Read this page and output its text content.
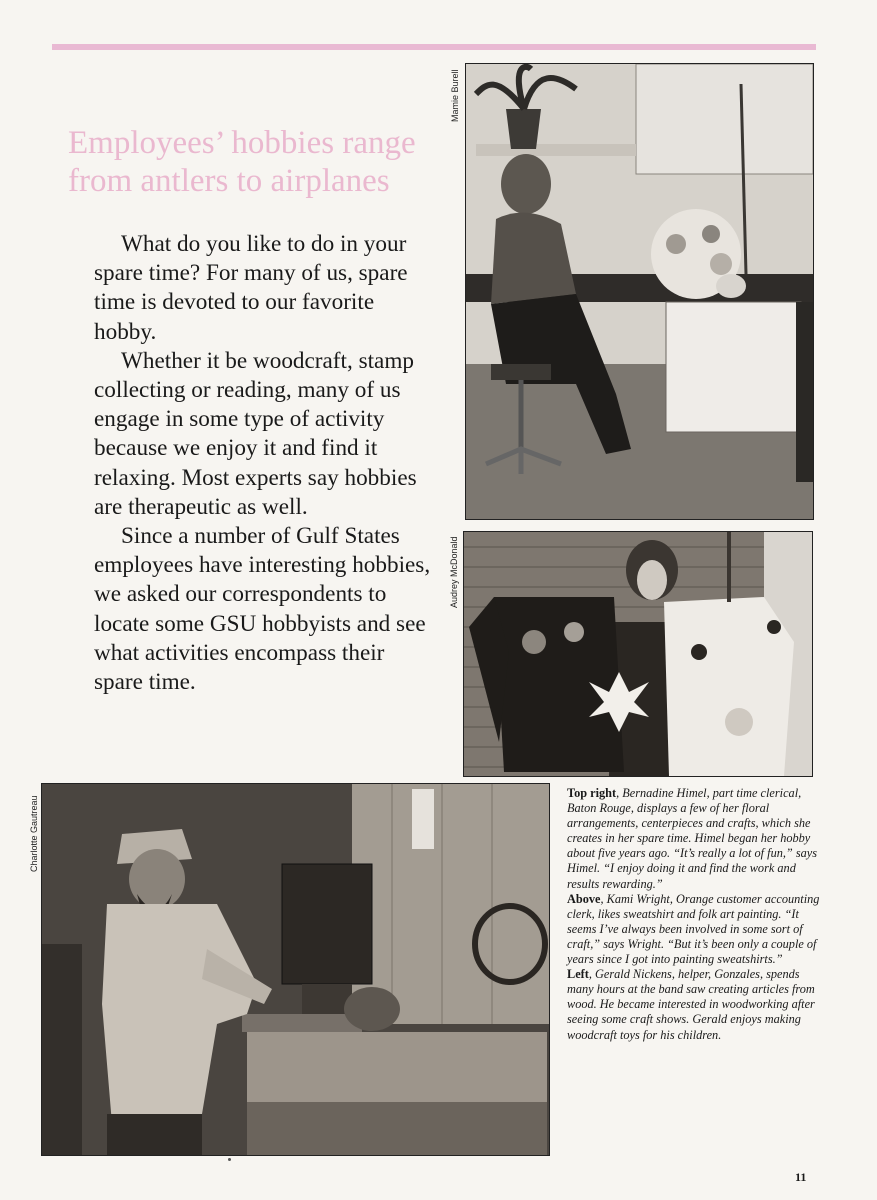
Employees’ hobbies range
from antlers to airplanes

What do you like to do in your spare time? For many of us, spare time is devoted to our favorite hobby.

Whether it be woodcraft, stamp collecting or reading, many of us engage in some type of activity because we enjoy it and find it relaxing. Most experts say hobbies are therapeutic as well.

Since a number of Gulf States employees have interesting hobbies, we asked our correspondents to locate some GSU hobbyists and see what activities encompass their spare time.

Mamie Burell
Audrey McDonald
Charlotte Gautreau

Top right, Bernadine Himel, part time clerical, Baton Rouge, displays a few of her floral arrangements, centerpieces and crafts, which she creates in her spare time. Himel began her hobby about five years ago. “It’s really a lot of fun,” says Himel. “I enjoy doing it and find the work and results rewarding.”

Above, Kami Wright, Orange customer accounting clerk, likes sweatshirt and folk art painting. “It seems I’ve always been involved in some sort of craft,” says Wright. “But it’s been only a couple of years since I got into painting sweatshirts.”

Left, Gerald Nickens, helper, Gonzales, spends many hours at the band saw creating articles from wood. He became interested in woodworking after seeing some craft shows. Gerald enjoys making woodcraft toys for his children.

11
